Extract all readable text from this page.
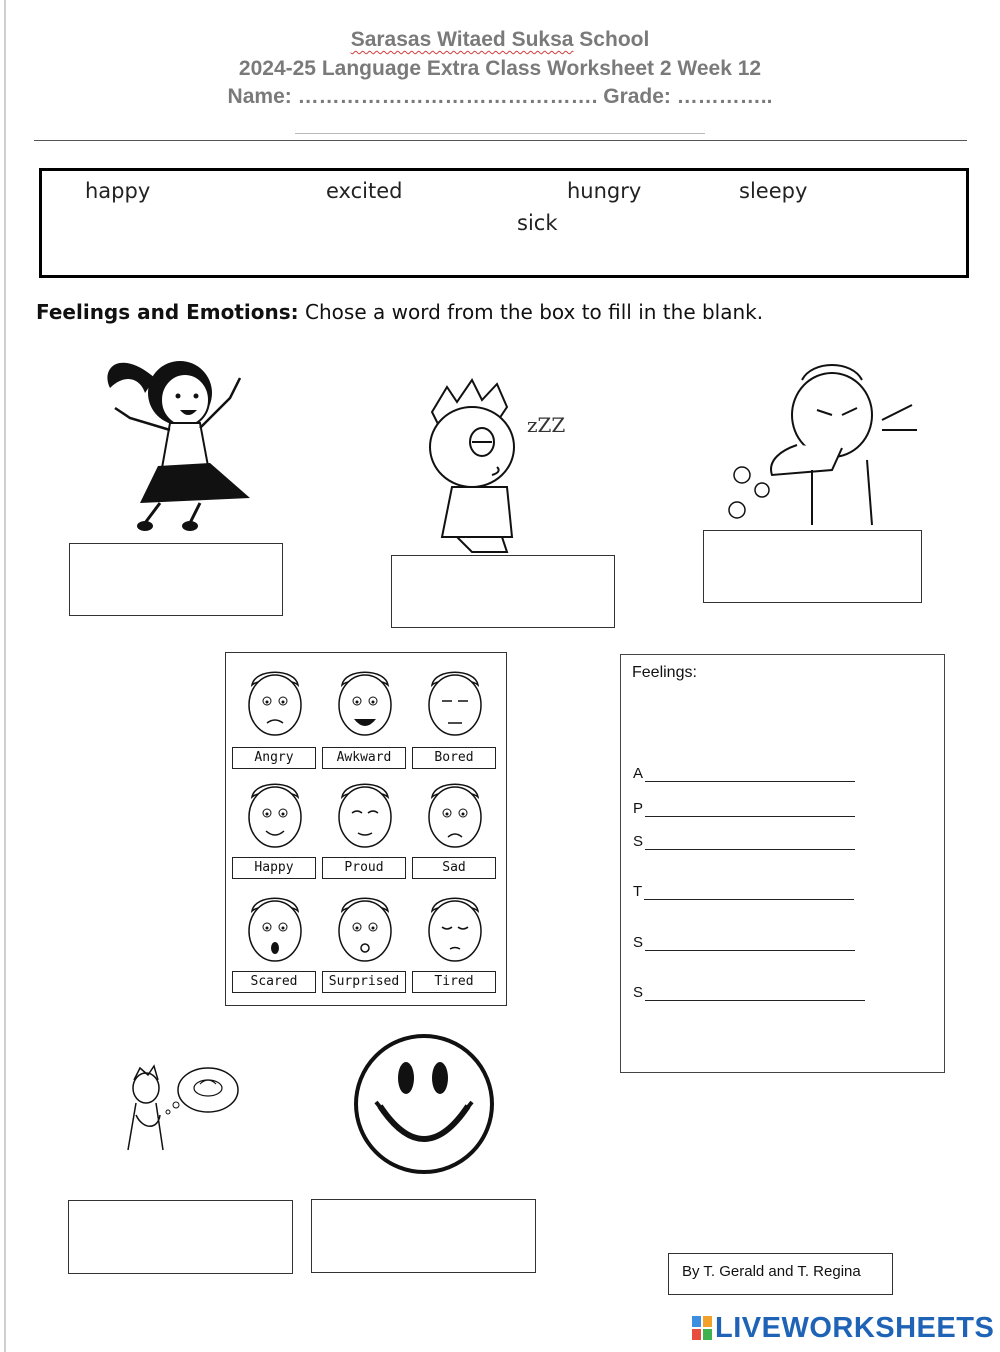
Sarasas Witaed Suksa School
2024-25 Language Extra Class Worksheet 2 Week 12
Name: ……………………………………. Grade: …………..
happy	excited	hungry	sleepy
sick
Feelings and Emotions: Chose a word from the box to fill in the blank.
zZZ
Angry	Awkward	Bored
Happy	Proud	Sad
Scared	Surprised	Tired
Feelings:
A
P
S
T
S
S
By T. Gerald and T. Regina
LIVEWORKSHEETS
